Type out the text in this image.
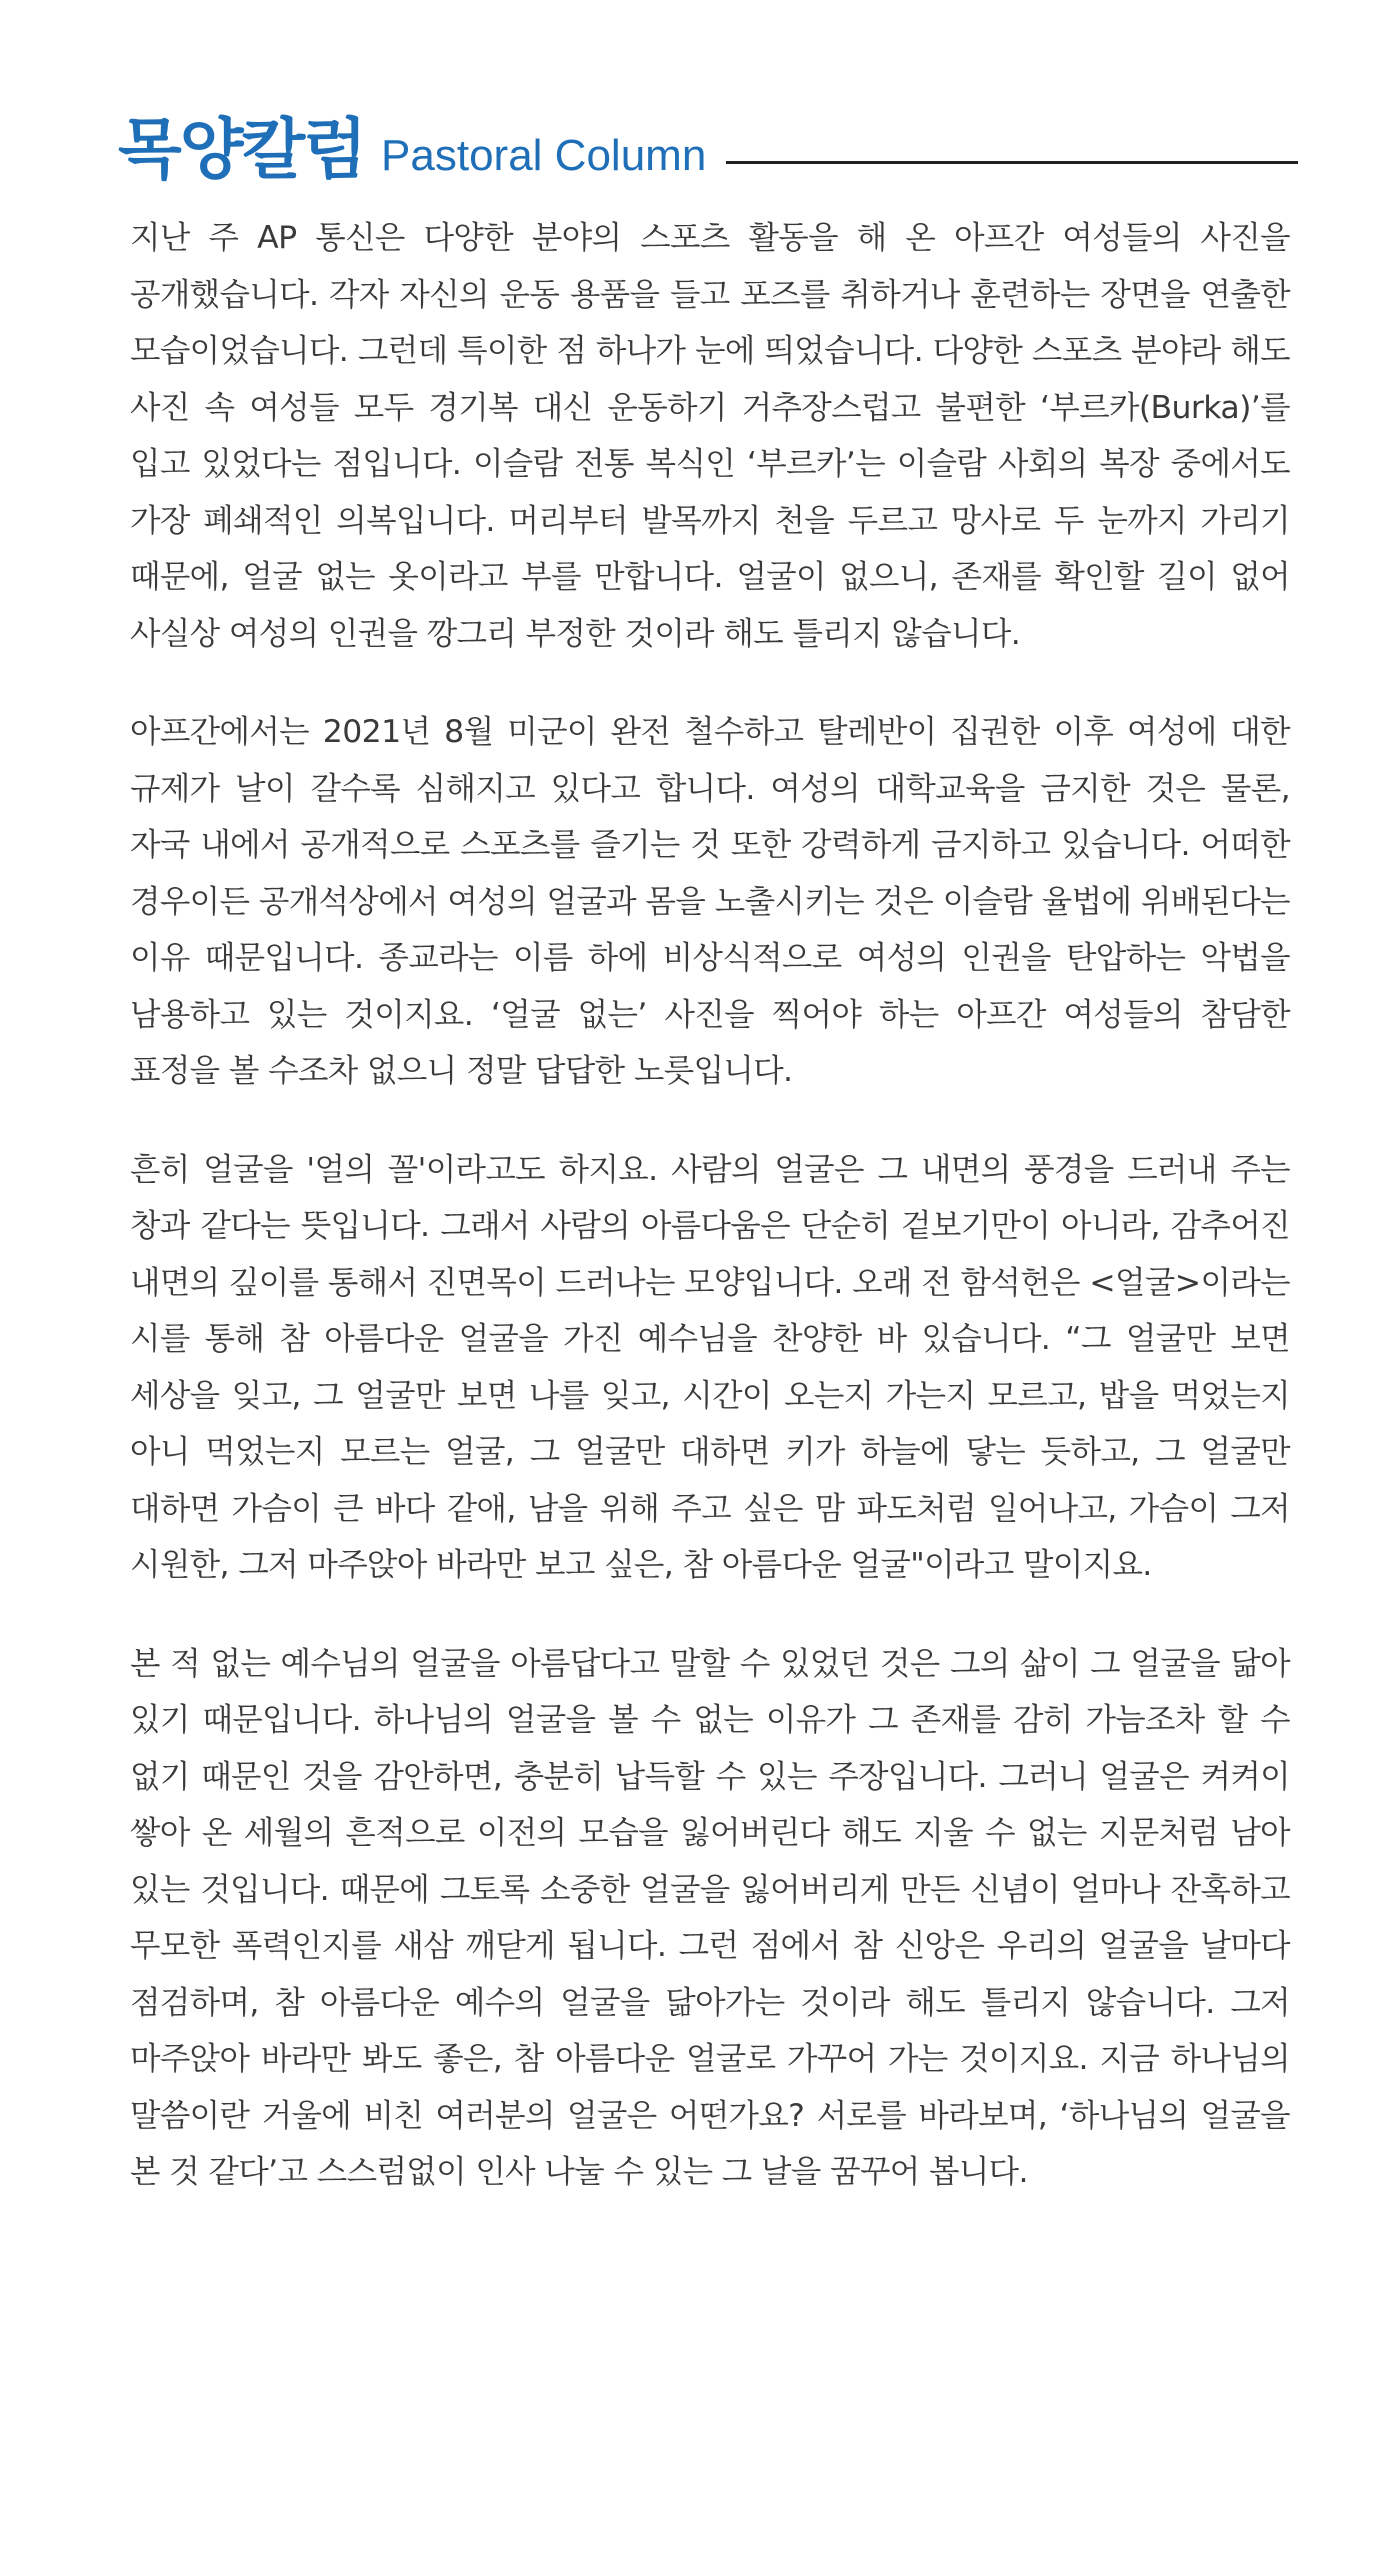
목양칼럼 Pastoral Column

지난 주 AP 통신은 다양한 분야의 스포츠 활동을 해 온 아프간 여성들의 사진을 공개했습니다. 각자 자신의 운동 용품을 들고 포즈를 취하거나 훈련하는 장면을 연출한 모습이었습니다. 그런데 특이한 점 하나가 눈에 띄었습니다. 다양한 스포츠 분야라 해도 사진 속 여성들 모두 경기복 대신 운동하기 거추장스럽고 불편한 ‘부르카(Burka)’를 입고 있었다는 점입니다. 이슬람 전통 복식인 ‘부르카’는 이슬람 사회의 복장 중에서도 가장 폐쇄적인 의복입니다. 머리부터 발목까지 천을 두르고 망사로 두 눈까지 가리기 때문에, 얼굴 없는 옷이라고 부를 만합니다. 얼굴이 없으니, 존재를 확인할 길이 없어 사실상 여성의 인권을 깡그리 부정한 것이라 해도 틀리지 않습니다.

아프간에서는 2021년 8월 미군이 완전 철수하고 탈레반이 집권한 이후 여성에 대한 규제가 날이 갈수록 심해지고 있다고 합니다. 여성의 대학교육을 금지한 것은 물론, 자국 내에서 공개적으로 스포츠를 즐기는 것 또한 강력하게 금지하고 있습니다. 어떠한 경우이든 공개석상에서 여성의 얼굴과 몸을 노출시키는 것은 이슬람 율법에 위배된다는 이유 때문입니다. 종교라는 이름 하에 비상식적으로 여성의 인권을 탄압하는 악법을 남용하고 있는 것이지요. ‘얼굴 없는’ 사진을 찍어야 하는 아프간 여성들의 참담한 표정을 볼 수조차 없으니 정말 답답한 노릇입니다.

흔히 얼굴을 '얼의 꼴'이라고도 하지요. 사람의 얼굴은 그 내면의 풍경을 드러내 주는 창과 같다는 뜻입니다. 그래서 사람의 아름다움은 단순히 겉보기만이 아니라, 감추어진 내면의 깊이를 통해서 진면목이 드러나는 모양입니다. 오래 전 함석헌은 <얼굴>이라는 시를 통해 참 아름다운 얼굴을 가진 예수님을 찬양한 바 있습니다. “그 얼굴만 보면 세상을 잊고, 그 얼굴만 보면 나를 잊고, 시간이 오는지 가는지 모르고, 밥을 먹었는지 아니 먹었는지 모르는 얼굴, 그 얼굴만 대하면 키가 하늘에 닿는 듯하고, 그 얼굴만 대하면 가슴이 큰 바다 같애, 남을 위해 주고 싶은 맘 파도처럼 일어나고, 가슴이 그저 시원한, 그저 마주앉아 바라만 보고 싶은, 참 아름다운 얼굴"이라고 말이지요.

본 적 없는 예수님의 얼굴을 아름답다고 말할 수 있었던 것은 그의 삶이 그 얼굴을 닮아 있기 때문입니다. 하나님의 얼굴을 볼 수 없는 이유가 그 존재를 감히 가늠조차 할 수 없기 때문인 것을 감안하면, 충분히 납득할 수 있는 주장입니다. 그러니 얼굴은 켜켜이 쌓아 온 세월의 흔적으로 이전의 모습을 잃어버린다 해도 지울 수 없는 지문처럼 남아 있는 것입니다. 때문에 그토록 소중한 얼굴을 잃어버리게 만든 신념이 얼마나 잔혹하고 무모한 폭력인지를 새삼 깨닫게 됩니다. 그런 점에서 참 신앙은 우리의 얼굴을 날마다 점검하며, 참 아름다운 예수의 얼굴을 닮아가는 것이라 해도 틀리지 않습니다. 그저 마주앉아 바라만 봐도 좋은, 참 아름다운 얼굴로 가꾸어 가는 것이지요. 지금 하나님의 말씀이란 거울에 비친 여러분의 얼굴은 어떤가요? 서로를 바라보며, ‘하나님의 얼굴을 본 것 같다’고 스스럼없이 인사 나눌 수 있는 그 날을 꿈꾸어 봅니다.
